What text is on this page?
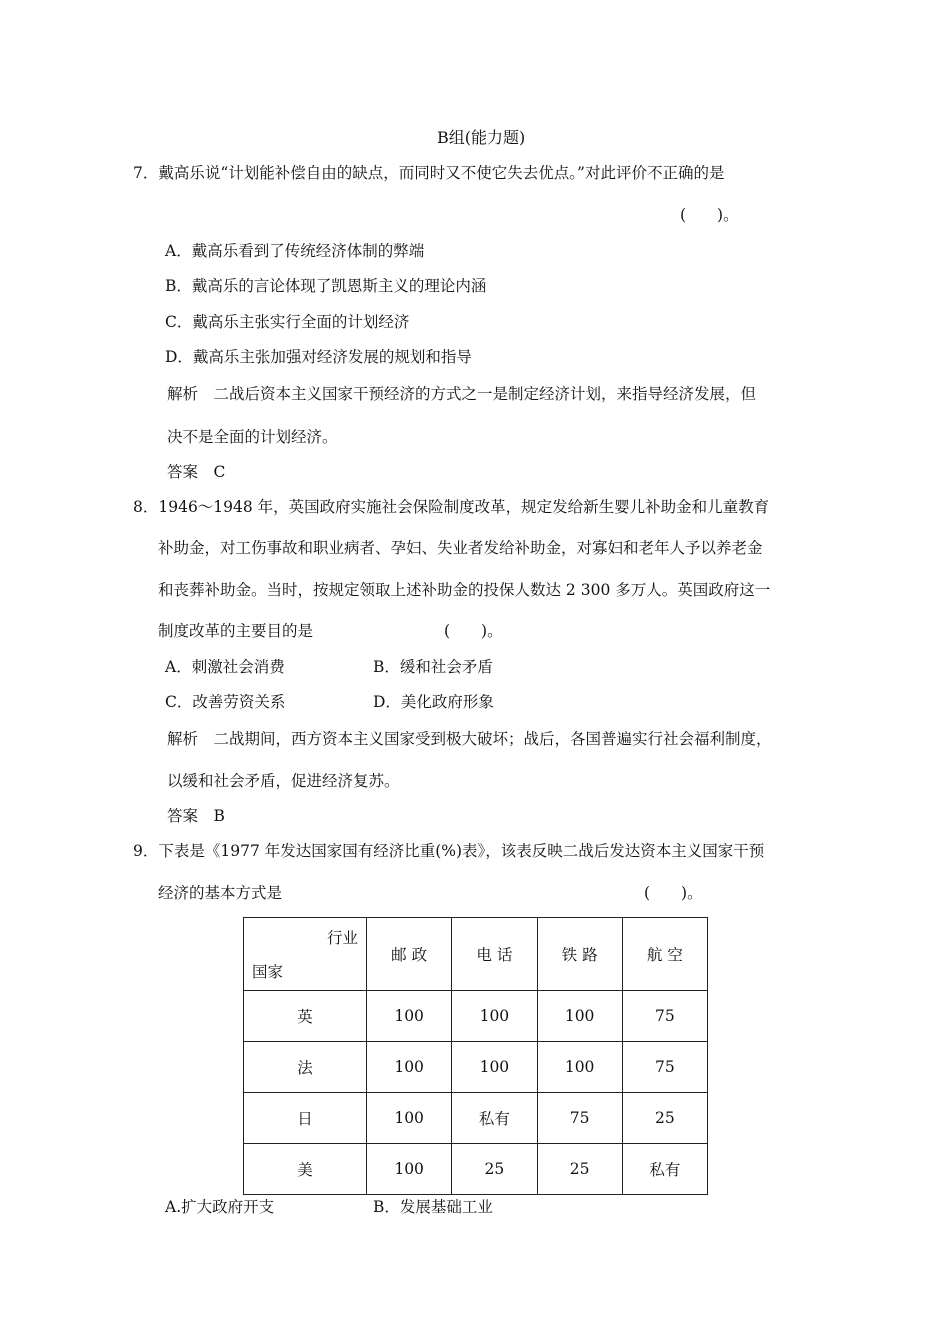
B组(能力题)
7．戴高乐说“计划能补偿自由的缺点，而同时又不使它失去优点。”对此评价不正确的是
(　　)。
A．戴高乐看到了传统经济体制的弊端
B．戴高乐的言论体现了凯恩斯主义的理论内涵
C．戴高乐主张实行全面的计划经济
D．戴高乐主张加强对经济发展的规划和指导
解析　二战后资本主义国家干预经济的方式之一是制定经济计划，来指导经济发展，但
决不是全面的计划经济。
答案　C
8．1946～1948 年，英国政府实施社会保险制度改革，规定发给新生婴儿补助金和儿童教育
补助金，对工伤事故和职业病者、孕妇、失业者发给补助金，对寡妇和老年人予以养老金
和丧葬补助金。当时，按规定领取上述补助金的投保人数达 2 300 多万人。英国政府这一
制度改革的主要目的是	(　　)。
A．刺激社会消费	B．缓和社会矛盾
C．改善劳资关系	D．美化政府形象
解析　二战期间，西方资本主义国家受到极大破坏；战后，各国普遍实行社会福利制度，
以缓和社会矛盾，促进经济复苏。
答案　B
9．下表是《1977 年发达国家国有经济比重(%)表》，该表反映二战后发达资本主义国家干预
经济的基本方式是	(　　)。
行业
国家	邮 政	电 话	铁 路	航 空
英	100	100	100	75
法	100	100	100	75
日	100	私有	75	25
美	100	25	25	私有
A.扩大政府开支	B．发展基础工业
